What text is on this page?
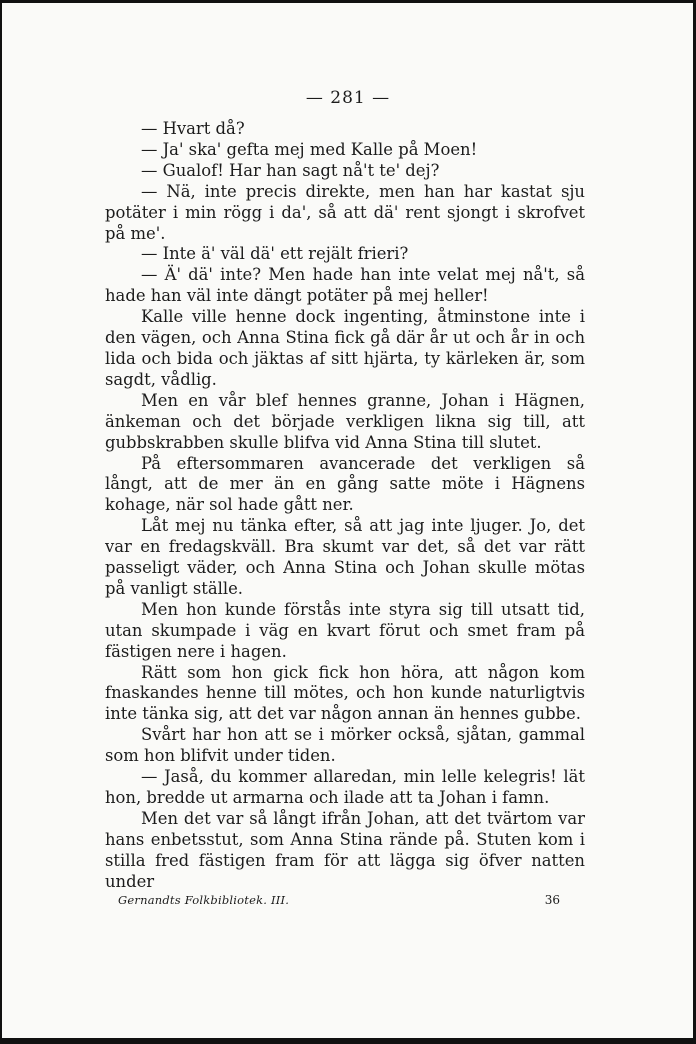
— 281 —

— Hvart då?

— Ja' ska' gefta mej med Kalle på Moen!

— Gualof! Har han sagt nå't te' dej?

— Nä, inte precis direkte, men han har kastat sju potäter i min rögg i da', så att dä' rent sjongt i skrofvet på me'.

— Inte ä' väl dä' ett rejält frieri?

— Ä' dä' inte? Men hade han inte velat mej nå't, så hade han väl inte dängt potäter på mej heller!

Kalle ville henne dock ingenting, åtminstone inte i den vägen, och Anna Stina fick gå där år ut och år in och lida och bida och jäktas af sitt hjärta, ty kärleken är, som sagdt, vådlig.

Men en vår blef hennes granne, Johan i Hägnen, änkeman och det började verkligen likna sig till, att gubbskrabben skulle blifva vid Anna Stina till slutet.

På eftersommaren avancerade det verkligen så långt, att de mer än en gång satte möte i Hägnens kohage, när sol hade gått ner.

Låt mej nu tänka efter, så att jag inte ljuger. Jo, det var en fredagskväll. Bra skumt var det, så det var rätt passeligt väder, och Anna Stina och Johan skulle mötas på vanligt ställe.

Men hon kunde förstås inte styra sig till utsatt tid, utan skumpade i väg en kvart förut och smet fram på fästigen nere i hagen.

Rätt som hon gick fick hon höra, att någon kom fnaskandes henne till mötes, och hon kunde naturligtvis inte tänka sig, att det var någon annan än hennes gubbe.

Svårt har hon att se i mörker också, sjåtan, gammal som hon blifvit under tiden.

— Jaså, du kommer allaredan, min lelle kelegris! lät hon, bredde ut armarna och ilade att ta Johan i famn.

Men det var så långt ifrån Johan, att det tvärtom var hans enbetsstut, som Anna Stina rände på. Stuten kom i stilla fred fästigen fram för att lägga sig öfver natten under

Gernandts Folkbibliotek. III.	36
